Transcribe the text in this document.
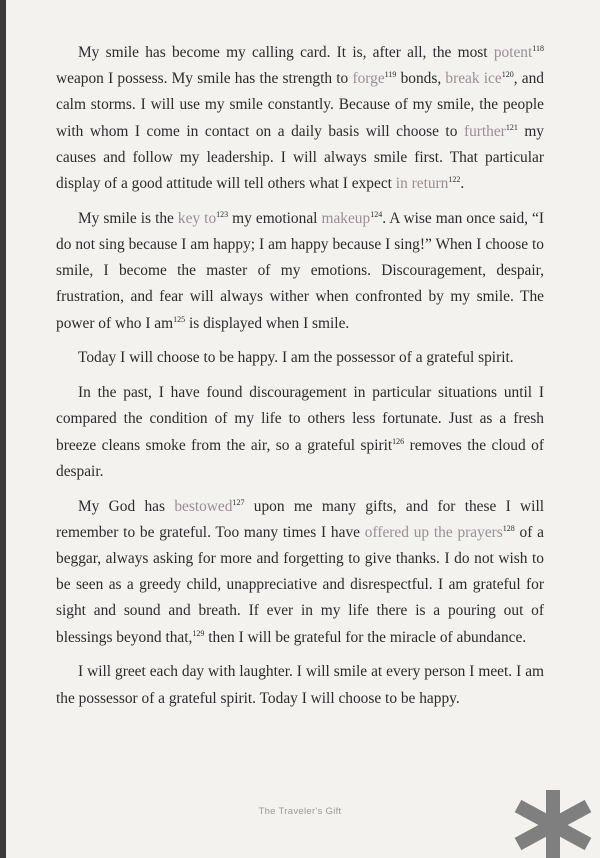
My smile has become my calling card. It is, after all, the most potent$^{118}$ weapon I possess. My smile has the strength to forge$^{119}$ bonds, break ice$^{120}$, and calm storms. I will use my smile constantly. Because of my smile, the people with whom I come in contact on a daily basis will choose to further$^{121}$ my causes and follow my leadership. I will always smile first. That particular display of a good attitude will tell others what I expect in return$^{122}$.

My smile is the key $to^{123}$ my emotional makeup$^{124}$. A wise man once said, “I do not sing because I am happy; I am happy because I sing!” When I choose to smile, I become the master of my emotions. Discouragement, despair, frustration, and fear will always wither when confronted by my smile. The power of who I $am^{125}$ is displayed when I smile.

Today I will choose to be happy. I am the possessor of a grateful spirit.

In the past, I have found discouragement in particular situations until I compared the condition of my life to others less fortunate. Just as a fresh breeze cleans smoke from the air, so a grateful spirit$^{126}$ removes the cloud of despair.

My God has bestowed$^{127}$ upon me many gifts, and for these I will remember to be grateful. Too many times I have offered up the prayers$^{128}$ of a beggar, always asking for more and forgetting to give thanks. I do not wish to be seen as a greedy child, unappreciative and disrespectful. I am grateful for sight and sound and breath. If ever in my life there is a pouring out of blessings beyond that,$^{129}$ then I will be grateful for the miracle of abundance.

I will greet each day with laughter. I will smile at every person I meet. I am the possessor of a grateful spirit. Today I will choose to be happy.

The Traveler's Gift
